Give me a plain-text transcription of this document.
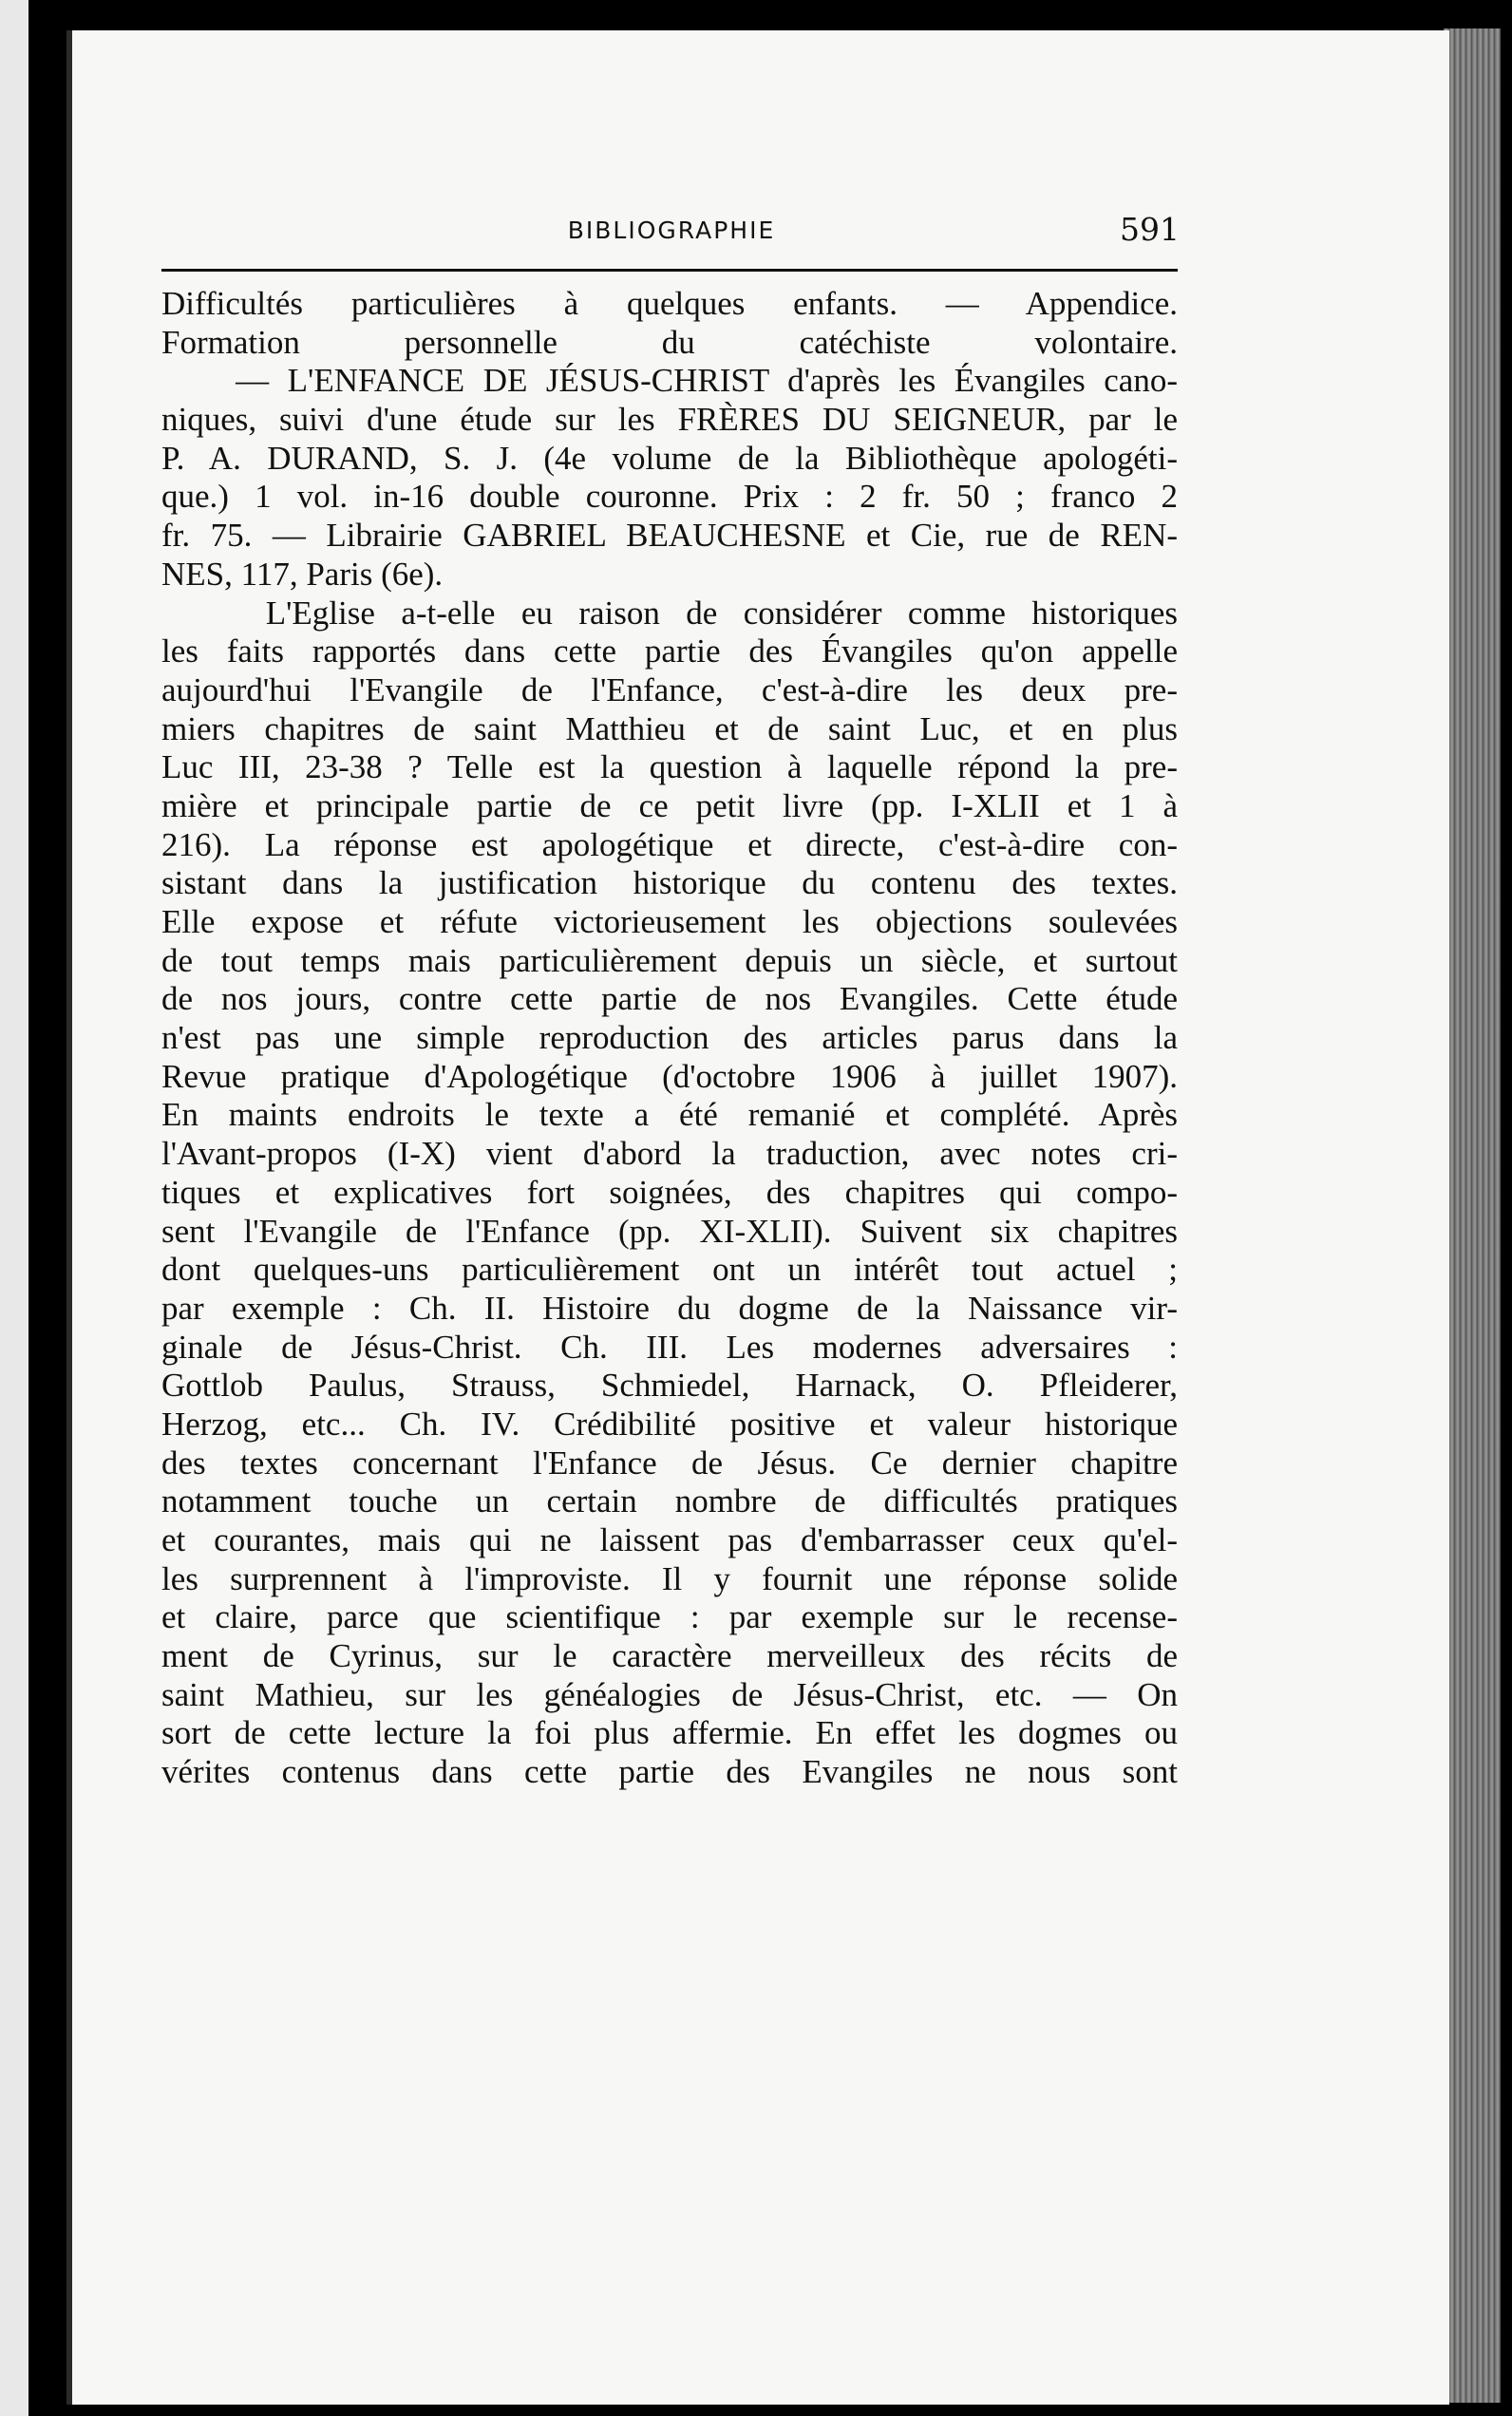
BIBLIOGRAPHIE	591
Difficultés particulières à quelques enfants. — Appendice.
Formation personnelle du catéchiste volontaire.
— L'ENFANCE DE JÉSUS-CHRIST d'après les Évangiles cano-
niques, suivi d'une étude sur les FRÈRES DU SEIGNEUR, par le
P. A. DURAND, S. J. (4e volume de la Bibliothèque apologéti-
que.) 1 vol. in-16 double couronne. Prix : 2 fr. 50 ; franco 2
fr. 75. — Librairie GABRIEL BEAUCHESNE et Cie, rue de REN-
NES, 117, Paris (6e).
L'Eglise a-t-elle eu raison de considérer comme historiques
les faits rapportés dans cette partie des Évangiles qu'on appelle
aujourd'hui l'Evangile de l'Enfance, c'est-à-dire les deux pre-
miers chapitres de saint Matthieu et de saint Luc, et en plus
Luc III, 23-38 ? Telle est la question à laquelle répond la pre-
mière et principale partie de ce petit livre (pp. I-XLII et 1 à
216). La réponse est apologétique et directe, c'est-à-dire con-
sistant dans la justification historique du contenu des textes.
Elle expose et réfute victorieusement les objections soulevées
de tout temps mais particulièrement depuis un siècle, et surtout
de nos jours, contre cette partie de nos Evangiles. Cette étude
n'est pas une simple reproduction des articles parus dans la
Revue pratique d'Apologétique (d'octobre 1906 à juillet 1907).
En maints endroits le texte a été remanié et complété. Après
l'Avant-propos (I-X) vient d'abord la traduction, avec notes cri-
tiques et explicatives fort soignées, des chapitres qui compo-
sent l'Evangile de l'Enfance (pp. XI-XLII). Suivent six chapitres
dont quelques-uns particulièrement ont un intérêt tout actuel ;
par exemple : Ch. II. Histoire du dogme de la Naissance vir-
ginale de Jésus-Christ. Ch. III. Les modernes adversaires :
Gottlob Paulus, Strauss, Schmiedel, Harnack, O. Pfleiderer,
Herzog, etc... Ch. IV. Crédibilité positive et valeur historique
des textes concernant l'Enfance de Jésus. Ce dernier chapitre
notamment touche un certain nombre de difficultés pratiques
et courantes, mais qui ne laissent pas d'embarrasser ceux qu'el-
les surprennent à l'improviste. Il y fournit une réponse solide
et claire, parce que scientifique : par exemple sur le recense-
ment de Cyrinus, sur le caractère merveilleux des récits de
saint Mathieu, sur les généalogies de Jésus-Christ, etc. — On
sort de cette lecture la foi plus affermie. En effet les dogmes ou
vérites contenus dans cette partie des Evangiles ne nous sont
